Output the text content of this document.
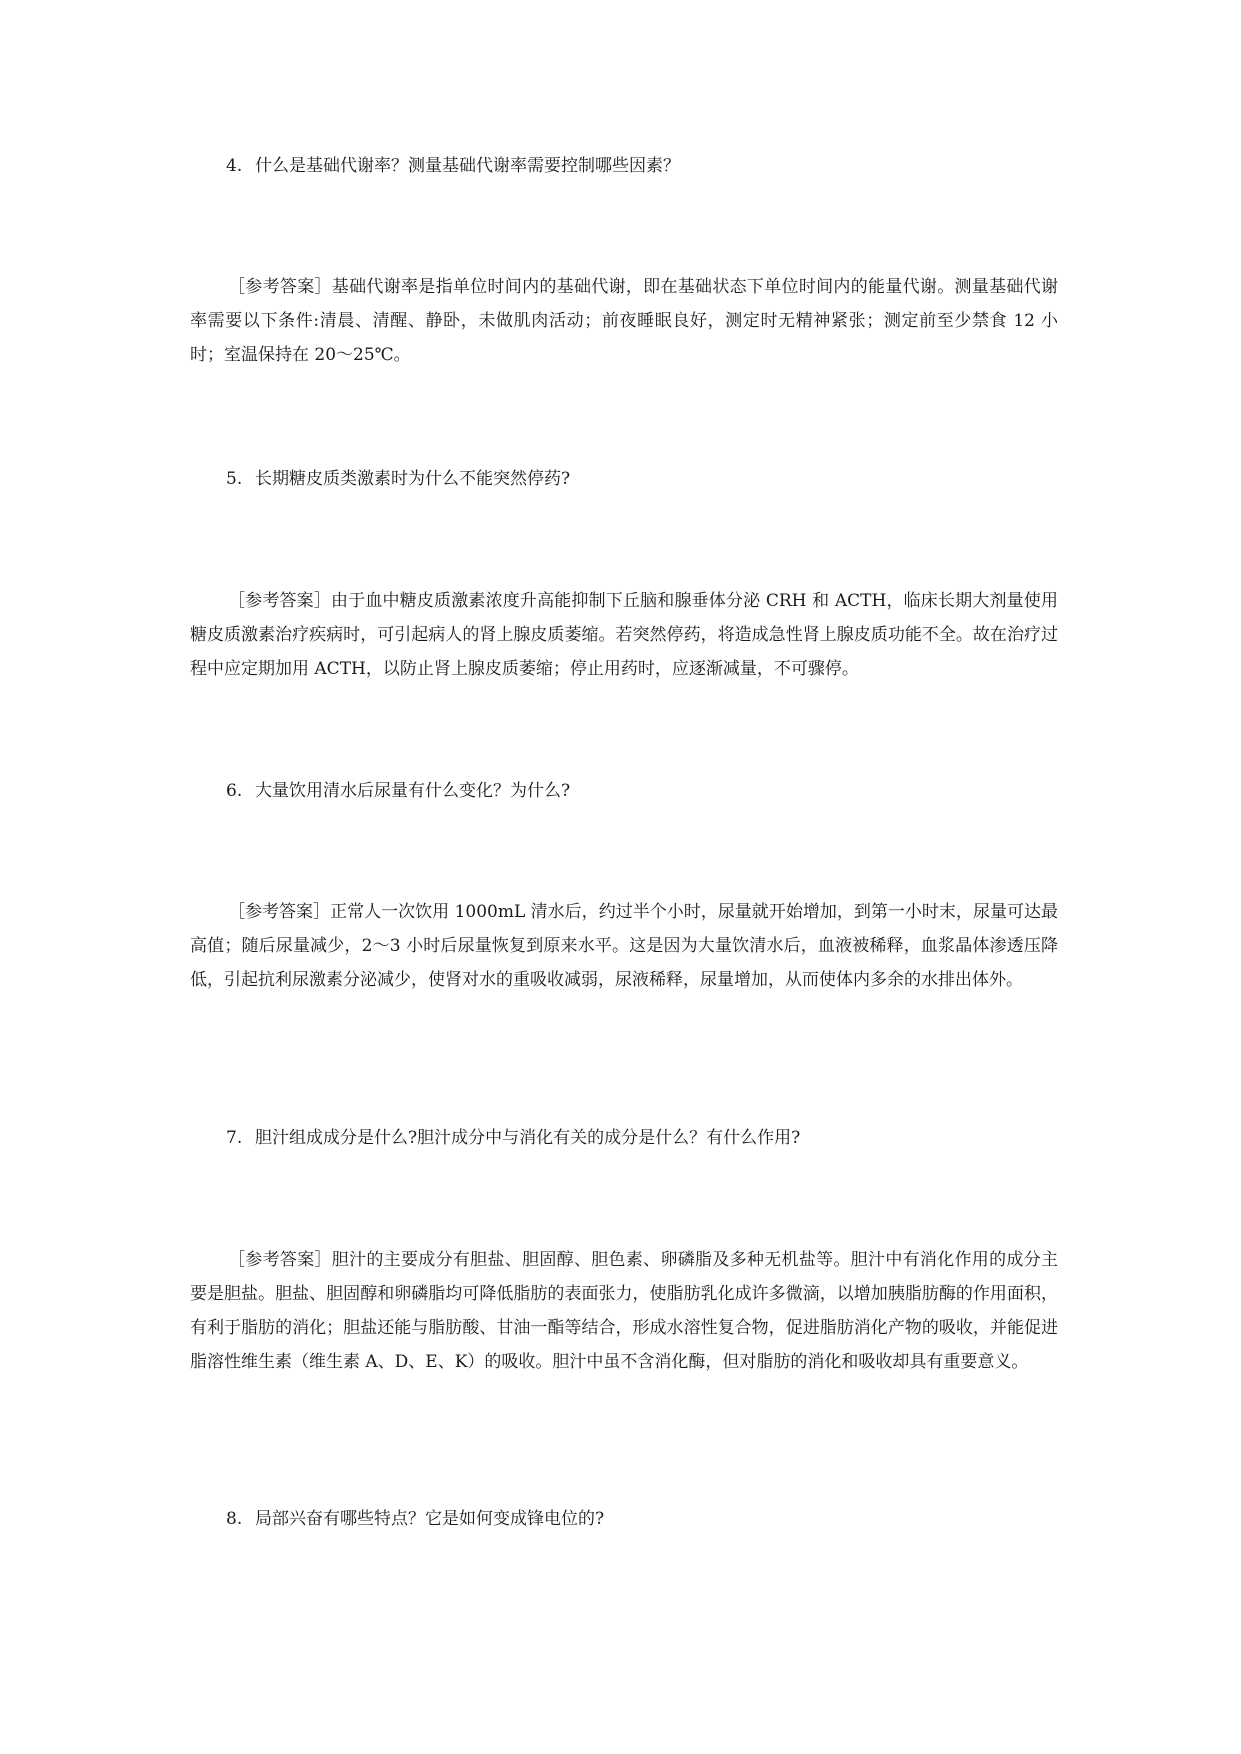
4. 什么是基础代谢率？测量基础代谢率需要控制哪些因素？

［参考答案］基础代谢率是指单位时间内的基础代谢，即在基础状态下单位时间内的能量代谢。测量基础代谢率需要以下条件:清晨、清醒、静卧，未做肌肉活动；前夜睡眠良好，测定时无精神紧张；测定前至少禁食 12 小时；室温保持在 20～25℃。

5. 长期糖皮质类激素时为什么不能突然停药?

［参考答案］由于血中糖皮质激素浓度升高能抑制下丘脑和腺垂体分泌 CRH 和 ACTH，临床长期大剂量使用糖皮质激素治疗疾病时，可引起病人的肾上腺皮质萎缩。若突然停药，将造成急性肾上腺皮质功能不全。故在治疗过程中应定期加用 ACTH，以防止肾上腺皮质萎缩；停止用药时，应逐渐减量，不可骤停。

6. 大量饮用清水后尿量有什么变化？为什么?

［参考答案］正常人一次饮用 1000mL 清水后，约过半个小时，尿量就开始增加，到第一小时末，尿量可达最高值；随后尿量减少，2～3 小时后尿量恢复到原来水平。这是因为大量饮清水后，血液被稀释，血浆晶体渗透压降低，引起抗利尿激素分泌减少，使肾对水的重吸收减弱，尿液稀释，尿量增加，从而使体内多余的水排出体外。

7. 胆汁组成成分是什么?胆汁成分中与消化有关的成分是什么？有什么作用?

［参考答案］胆汁的主要成分有胆盐、胆固醇、胆色素、卵磷脂及多种无机盐等。胆汁中有消化作用的成分主要是胆盐。胆盐、胆固醇和卵磷脂均可降低脂肪的表面张力，使脂肪乳化成许多微滴，以增加胰脂肪酶的作用面积，有利于脂肪的消化；胆盐还能与脂肪酸、甘油一酯等结合，形成水溶性复合物，促进脂肪消化产物的吸收，并能促进脂溶性维生素（维生素 A、D、E、K）的吸收。胆汁中虽不含消化酶，但对脂肪的消化和吸收却具有重要意义。

8. 局部兴奋有哪些特点？它是如何变成锋电位的?
